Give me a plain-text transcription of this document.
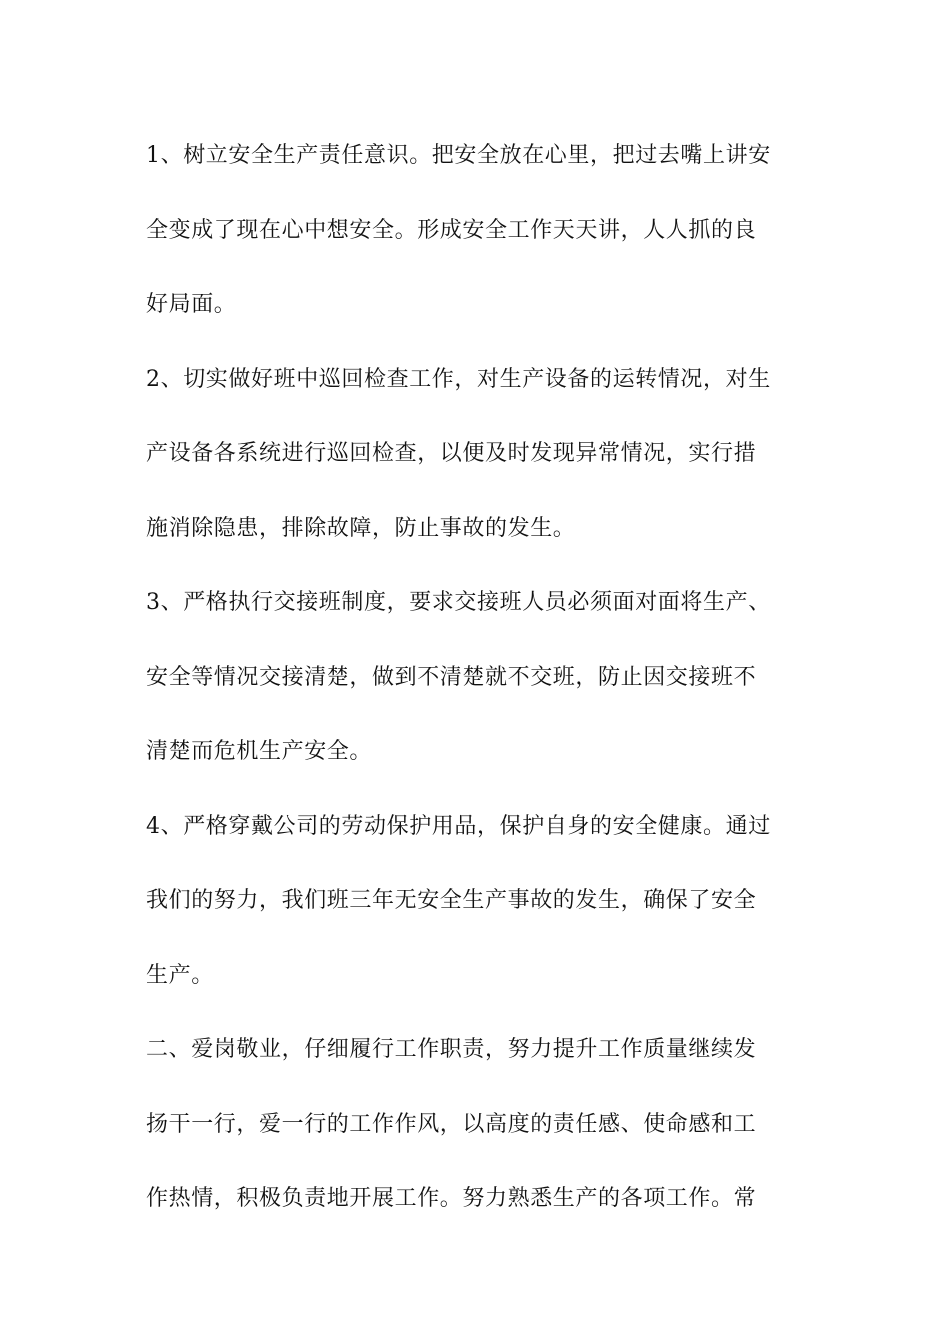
1、树立安全生产责任意识。把安全放在心里，把过去嘴上讲安
全变成了现在心中想安全。形成安全工作天天讲，人人抓的良
好局面。
2、切实做好班中巡回检查工作，对生产设备的运转情况，对生
产设备各系统进行巡回检查，以便及时发现异常情况，实行措
施消除隐患，排除故障，防止事故的发生。
3、严格执行交接班制度，要求交接班人员必须面对面将生产、
安全等情况交接清楚，做到不清楚就不交班，防止因交接班不
清楚而危机生产安全。
4、严格穿戴公司的劳动保护用品，保护自身的安全健康。通过
我们的努力，我们班三年无安全生产事故的发生，确保了安全
生产。
二、爱岗敬业，仔细履行工作职责，努力提升工作质量继续发
扬干一行，爱一行的工作作风，以高度的责任感、使命感和工
作热情，积极负责地开展工作。努力熟悉生产的各项工作。常
